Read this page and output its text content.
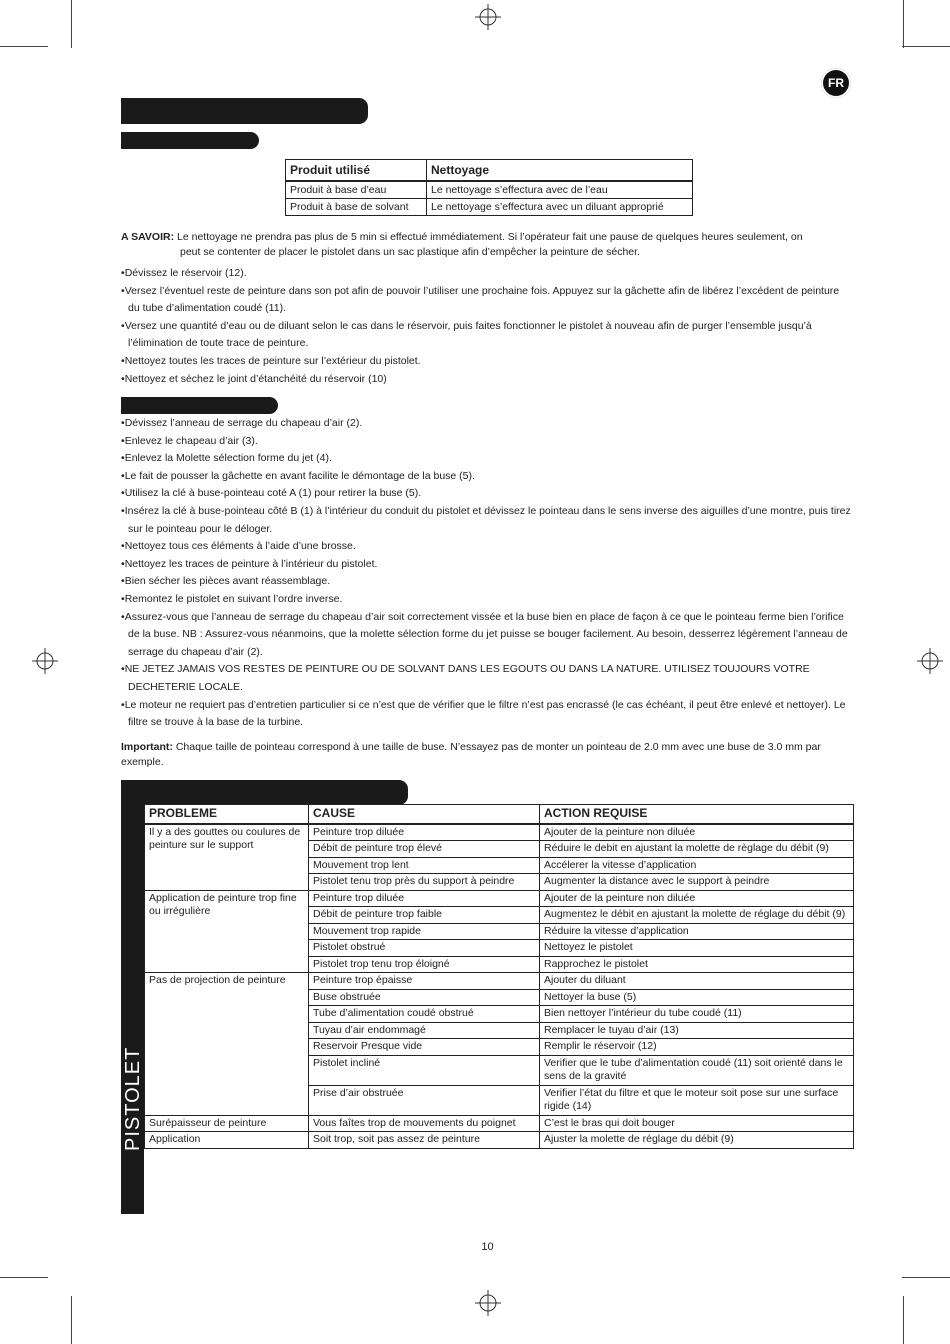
FR
Produit utilisé	Nettoyage
Produit à base d’eau	Le nettoyage s’effectura avec de l’eau
Produit à base de solvant	Le nettoyage s’effectura avec un diluant approprié
A SAVOIR: Le nettoyage ne prendra pas plus de 5 min si effectué immédiatement. Si l’opérateur fait une pause de quelques heures seulement, on
peut se contenter de placer le pistolet dans un sac plastique afin d’empêcher la peinture de sécher.
• Dévissez le réservoir (12).
• Versez l’éventuel reste de peinture dans son pot afin de pouvoir l’utiliser une prochaine fois. Appuyez sur la gâchette afin de libérez l’excédent de peinture du tube d’alimentation coudé (11).
• Versez une quantité d’eau ou de diluant selon le cas dans le réservoir, puis faites fonctionner le pistolet à nouveau afin de purger l’ensemble jusqu’à l’élimination de toute trace de peinture.
• Nettoyez toutes les traces de peinture sur l’extérieur du pistolet.
• Nettoyez et séchez le joint d’étanchéité du réservoir (10)
• Dévissez l’anneau de serrage du chapeau d’air (2).
• Enlevez le chapeau d’air (3).
• Enlevez la Molette sélection forme du jet (4).
• Le fait de pousser la gâchette en avant facilite le démontage de la buse (5).
• Utilisez la clé à buse-pointeau coté A (1) pour retirer la buse (5).
• Insérez la clé à buse-pointeau côté B (1) à l’intérieur du conduit du pistolet et dévissez le pointeau dans le sens inverse des aiguilles d’une montre, puis tirez sur le pointeau pour le déloger.
• Nettoyez tous ces éléments à l’aide d’une brosse.
• Nettoyez les traces de peinture à l’intérieur du pistolet.
• Bien sécher les pièces avant réassemblage.
• Remontez le pistolet en suivant l’ordre inverse.
• Assurez-vous que l’anneau de serrage du chapeau d’air soit correctement vissée et la buse bien en place de façon à ce que le pointeau ferme bien l’orifice de la buse. NB : Assurez-vous néanmoins, que la molette sélection forme du jet puisse se bouger facilement. Au besoin, desserrez légèrement l’anneau de serrage du chapeau d’air (2).
• NE JETEZ JAMAIS VOS RESTES DE PEINTURE OU DE SOLVANT DANS LES EGOUTS OU DANS LA NATURE. UTILISEZ TOUJOURS VOTRE DECHETERIE LOCALE.
• Le moteur ne requiert pas d’entretien particulier si ce n’est que de vérifier que le filtre n’est pas encrassé (le cas échéant, il peut être enlevé et nettoyer). Le filtre se trouve à la base de la turbine.
Important: Chaque taille de pointeau correspond à une taille de buse. N’essayez pas de monter un pointeau de 2.0 mm avec une buse de 3.0 mm par exemple.
PISTOLET
PROBLEME	CAUSE	ACTION REQUISE
Il y a des gouttes ou coulures de peinture sur le support	Peinture trop diluée	Ajouter de la peinture non diluée
	Débit de peinture trop élevé	Réduire le debit en ajustant la molette de règlage du débit (9)
	Mouvement trop lent	Accélerer la vitesse d’application
	Pistolet tenu trop près du support à peindre	Augmenter la distance avec le support à peindre
Application de peinture trop fine ou irrégulière	Peinture trop diluée	Ajouter de la peinture non diluée
	Débit de peinture trop faible	Augmentez le débit en ajustant la molette de réglage du débit (9)
	Mouvement trop rapide	Réduire la vitesse d’application
	Pistolet obstrué	Nettoyez le pistolet
	Pistolet trop tenu trop éloigné	Rapprochez le pistolet
Pas de projection de peinture	Peinture trop épaisse	Ajouter du diluant
	Buse obstruée	Nettoyer la buse (5)
	Tube d’alimentation coudé obstrué	Bien nettoyer l’intérieur du tube coudé (11)
	Tuyau d’air endommagé	Remplacer le tuyau d’air (13)
	Reservoir Presque vide	Remplir le réservoir (12)
	Pistolet incliné	Verifier que le tube d’alimentation coudé (11) soit orienté dans le sens de la gravité
	Prise d’air obstruée	Verifier l’état du filtre et que le moteur soit pose sur une surface rigide (14)
Surépaisseur de peinture	Vous faîtes trop de mouvements du poignet	C’est le bras qui doit bouger
Application	Soit trop, soit pas assez de peinture	Ajuster la molette de réglage du débit (9)
10
